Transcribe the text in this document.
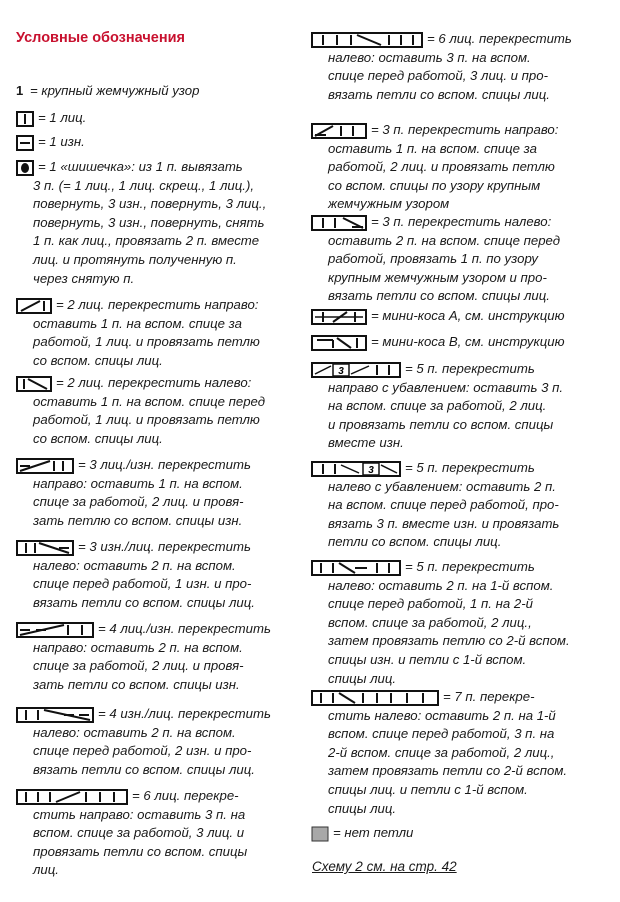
Условные обозначения
1 = крупный жемчужный узор
= 1 лиц.
= 1 изн.
= 1 «шишечка»: из 1 п. вывязать
3 п. (= 1 лиц., 1 лиц. скрещ., 1 лиц.),
повернуть, 3 изн., повернуть, 3 лиц.,
повернуть, 3 изн., повернуть, снять
1 п. как лиц., провязать 2 п. вместе
лиц. и протянуть полученную п.
через снятую п.
= 2 лиц. перекрестить направо:
оставить 1 п. на вспом. спице за
работой, 1 лиц. и провязать петлю
со вспом. спицы лиц.
= 2 лиц. перекрестить налево:
оставить 1 п. на вспом. спице перед
работой, 1 лиц. и провязать петлю
со вспом. спицы лиц.
= 3 лиц./изн. перекрестить
направо: оставить 1 п. на вспом.
спице за работой, 2 лиц. и провя-
зать петлю со вспом. спицы изн.
= 3 изн./лиц. перекрестить
налево: оставить 2 п. на вспом.
спице перед работой, 1 изн. и про-
вязать петли со вспом. спицы лиц.
= 4 лиц./изн. перекрестить
направо: оставить 2 п. на вспом.
спице за работой, 2 лиц. и провя-
зать петли со вспом. спицы изн.
= 4 изн./лиц. перекрестить
налево: оставить 2 п. на вспом.
спице перед работой, 2 изн. и про-
вязать петли со вспом. спицы лиц.
= 6 лиц. перекре-
стить направо: оставить 3 п. на
вспом. спице за работой, 3 лиц. и
провязать петли со вспом. спицы
лиц.
= 6 лиц. перекрестить
налево: оставить 3 п. на вспом.
спице перед работой, 3 лиц. и про-
вязать петли со вспом. спицы лиц.
= 3 п. перекрестить направо:
оставить 1 п. на вспом. спице за
работой, 2 лиц. и провязать петлю
со вспом. спицы по узору крупным
жемчужным узором
= 3 п. перекрестить налево:
оставить 2 п. на вспом. спице перед
работой, провязать 1 п. по узору
крупным жемчужным узором и про-
вязать петли со вспом. спицы лиц.
= мини-коса А, см. инструкцию
= мини-коса В, см. инструкцию
3	= 5 п. перекрестить
направо с убавлением: оставить 3 п.
на вспом. спице за работой, 2 лиц.
и провязать петли со вспом. спицы
вместе изн.
3 = 5 п. перекрестить
налево с убавлением: оставить 2 п.
на вспом. спице перед работой, про-
вязать 3 п. вместе изн. и провязать
петли со вспом. спицы лиц.
= 5 п. перекрестить
налево: оставить 2 п. на 1-й вспом.
спице перед работой, 1 п. на 2-й
вспом. спице за работой, 2 лиц.,
затем провязать петлю со 2-й вспом.
спицы изн. и петли с 1-й вспом.
спицы лиц.
= 7 п. перекре-
стить налево: оставить 2 п. на 1-й
вспом. спице перед работой, 3 п. на
2-й вспом. спице за работой, 2 лиц.,
затем провязать петли со 2-й вспом.
спицы лиц. и петли с 1-й вспом.
спицы лиц.
= нет петли
Схему 2 см. на стр. 42
